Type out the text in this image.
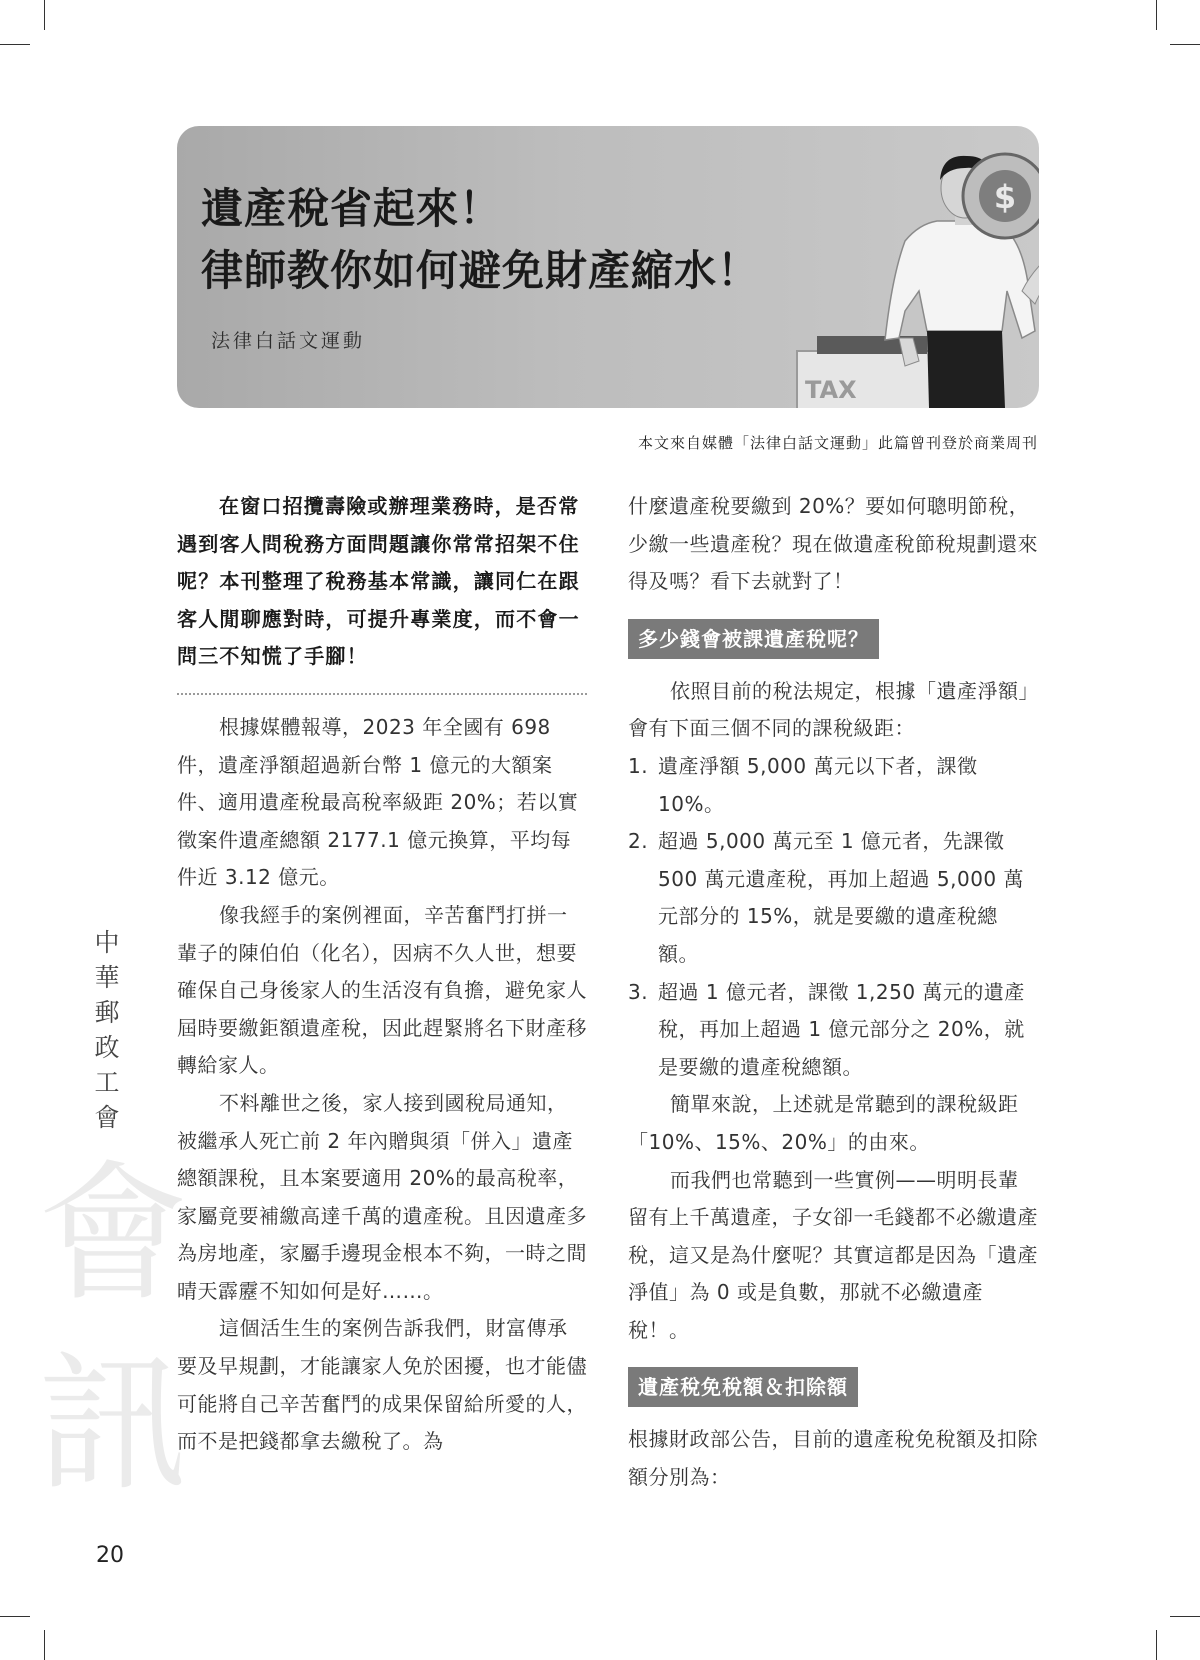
TAX
$
遺產稅省起來！
律師教你如何避免財產縮水！
法律白話文運動
本文來自媒體「法律白話文運動」此篇曾刊登於商業周刊

在窗口招攬壽險或辦理業務時，是否常遇到客人問稅務方面問題讓你常常招架不住呢？本刊整理了稅務基本常識，讓同仁在跟客人閒聊應對時，可提升專業度，而不會一問三不知慌了手腳！

根據媒體報導，2023 年全國有 698 件，遺產淨額超過新台幣 1 億元的大額案件、適用遺產稅最高稅率級距 20%；若以實徵案件遺產總額 2177.1 億元換算，平均每件近 3.12 億元。

像我經手的案例裡面，辛苦奮鬥打拼一輩子的陳伯伯（化名），因病不久人世，想要確保自己身後家人的生活沒有負擔，避免家人屆時要繳鉅額遺產稅，因此趕緊將名下財產移轉給家人。

不料離世之後，家人接到國稅局通知，被繼承人死亡前 2 年內贈與須「併入」遺產總額課稅，且本案要適用 20%的最高稅率，家屬竟要補繳高達千萬的遺產稅。且因遺產多為房地產，家屬手邊現金根本不夠，一時之間晴天霹靂不知如何是好……。

這個活生生的案例告訴我們，財富傳承要及早規劃，才能讓家人免於困擾，也才能儘可能將自己辛苦奮鬥的成果保留給所愛的人，而不是把錢都拿去繳稅了。為

什麼遺產稅要繳到 20%？要如何聰明節稅，少繳一些遺產稅？現在做遺產稅節稅規劃還來得及嗎？看下去就對了！

多少錢會被課遺產稅呢？

依照目前的稅法規定，根據「遺產淨額」會有下面三個不同的課稅級距：

1. 遺產淨額 5,000 萬元以下者，課徵 10%。
2. 超過 5,000 萬元至 1 億元者，先課徵 500 萬元遺產稅，再加上超過 5,000 萬元部分的 15%，就是要繳的遺產稅總額。
3. 超過 1 億元者，課徵 1,250 萬元的遺產稅，再加上超過 1 億元部分之 20%，就是要繳的遺產稅總額。

簡單來說，上述就是常聽到的課稅級距「10%、15%、20%」的由來。

而我們也常聽到一些實例——明明長輩留有上千萬遺產，子女卻一毛錢都不必繳遺產稅，這又是為什麼呢？其實這都是因為「遺產淨值」為 0 或是負數，那就不必繳遺產稅！。

遺產稅免稅額＆扣除額

根據財政部公告，目前的遺產稅免稅額及扣除額分別為：

會
訊
中
華
郵
政
工
會
20
